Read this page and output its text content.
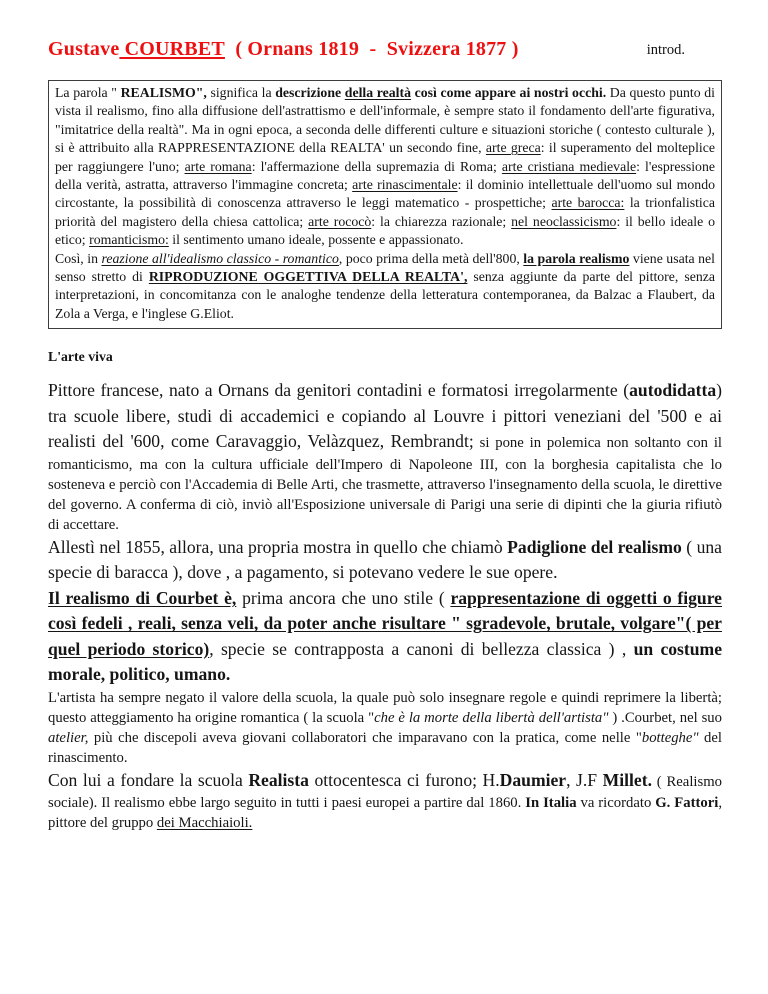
Gustave COURBET  ( Ornans 1819  -  Svizzera 1877 )	introd.

La parola " REALISMO", significa la descrizione della realtà così come appare ai nostri occhi. Da questo punto di vista il realismo, fino alla diffusione dell'astrattismo e dell'informale, è sempre stato il fondamento dell'arte figurativa, "imitatrice della realtà". Ma in ogni epoca, a seconda delle differenti culture e situazioni storiche ( contesto culturale ), si è attribuito alla RAPPRESENTAZIONE della REALTA' un secondo fine, arte greca: il superamento del molteplice per raggiungere l'uno; arte romana: l'affermazione della supremazia di Roma; arte cristiana medievale: l'espressione della verità, astratta, attraverso l'immagine concreta; arte rinascimentale: il dominio intellettuale dell'uomo sul mondo circostante, la possibilità di conoscenza attraverso le leggi matematico - prospettiche; arte barocca: la trionfalistica priorità del magistero della chiesa cattolica; arte rococò: la chiarezza razionale; nel neoclassicismo: il bello ideale o etico; romanticismo: il sentimento umano ideale, possente e appassionato.

Così, in reazione all'idealismo classico - romantico, poco prima della metà dell'800, la parola realismo viene usata nel senso stretto di RIPRODUZIONE OGGETTIVA DELLA REALTA', senza aggiunte da parte del pittore, senza interpretazioni, in concomitanza con le analoghe tendenze della letteratura contemporanea, da Balzac a Flaubert, da Zola a Verga, e l'inglese G.Eliot.

L'arte viva

Pittore francese, nato a Ornans da genitori contadini e formatosi irregolarmente (autodidatta) tra scuole libere, studi di accademici e copiando al Louvre i pittori veneziani del '500 e ai realisti del '600, come Caravaggio, Velàzquez, Rembrandt; si pone in polemica non soltanto con il romanticismo, ma con la cultura ufficiale dell'Impero di Napoleone III, con la borghesia capitalista che lo sosteneva e perciò con l'Accademia di Belle Arti, che trasmette, attraverso l'insegnamento della scuola, le direttive del governo. A conferma di ciò, inviò all'Esposizione universale di Parigi una serie di dipinti che la giuria rifiutò di accettare.

Allestì nel 1855, allora, una propria mostra in quello che chiamò Padiglione del realismo ( una specie di baracca ), dove , a pagamento, si potevano vedere le sue opere.

Il realismo di Courbet è, prima ancora che uno stile ( rappresentazione di oggetti o figure così fedeli , reali, senza veli, da poter anche risultare " sgradevole, brutale, volgare"( per quel periodo storico), specie se contrapposta a canoni di bellezza classica ) , un costume morale, politico, umano.

L'artista ha sempre negato il valore della scuola, la quale può solo insegnare regole e quindi reprimere la libertà; questo atteggiamento ha origine romantica ( la scuola "che è la morte della libertà dell'artista" ) .Courbet, nel suo atelier, più che discepoli aveva giovani collaboratori che imparavano con la pratica, come nelle "botteghe" del rinascimento.

Con lui a fondare la scuola Realista ottocentesca ci furono; H.Daumier, J.F Millet. ( Realismo sociale). Il realismo ebbe largo seguito in tutti i paesi europei a partire dal 1860. In Italia va ricordato G. Fattori, pittore del gruppo dei Macchiaioli.
